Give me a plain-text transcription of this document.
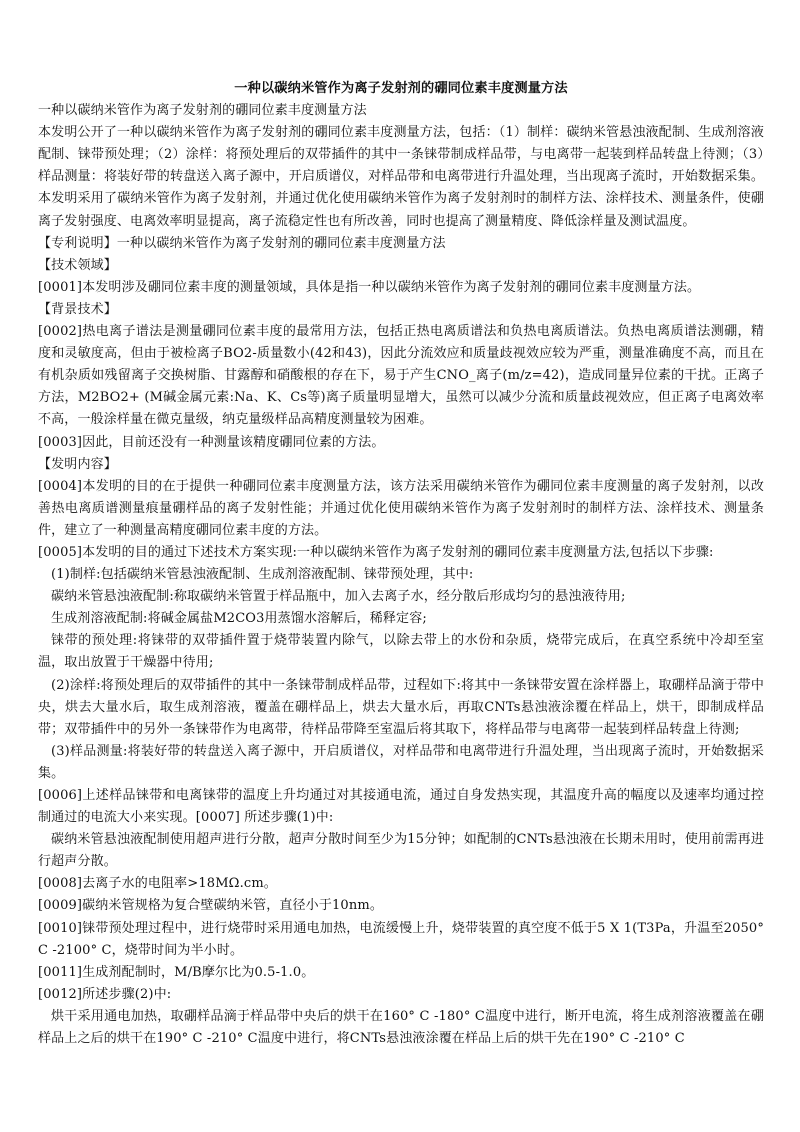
一种以碳纳米管作为离子发射剂的硼同位素丰度测量方法
一种以碳纳米管作为离子发射剂的硼同位素丰度测量方法
本发明公开了一种以碳纳米管作为离子发射剂的硼同位素丰度测量方法，包括：（1）制样：碳纳米管悬浊液配制、生成剂溶液配制、铼带预处理；（2）涂样：将预处理后的双带插件的其中一条铼带制成样品带，与电离带一起装到样品转盘上待测；（3）样品测量：将装好带的转盘送入离子源中，开启质谱仪，对样品带和电离带进行升温处理，当出现离子流时，开始数据采集。本发明采用了碳纳米管作为离子发射剂，并通过优化使用碳纳米管作为离子发射剂时的制样方法、涂样技术、测量条件，使硼离子发射强度、电离效率明显提高，离子流稳定性也有所改善，同时也提高了测量精度、降低涂样量及测试温度。
【专利说明】一种以碳纳米管作为离子发射剂的硼同位素丰度测量方法
【技术领域】
[0001]本发明涉及硼同位素丰度的测量领域，具体是指一种以碳纳米管作为离子发射剂的硼同位素丰度测量方法。
【背景技术】
[0002]热电离子谱法是测量硼同位素丰度的最常用方法，包括正热电离质谱法和负热电离质谱法。负热电离质谱法测硼，精度和灵敏度高，但由于被检离子BO2-质量数小(42和43)，因此分流效应和质量歧视效应较为严重，测量准确度不高，而且在有机杂质如残留离子交换树脂、甘露醇和硝酸根的存在下，易于产生CNO_离子(m/z=42)，造成同量异位素的干扰。正离子方法，M2BO2+ (M碱金属元素:Na、K、Cs等)离子质量明显增大，虽然可以减少分流和质量歧视效应，但正离子电离效率不高，一般涂样量在微克量级，纳克量级样品高精度测量较为困难。
[0003]因此，目前还没有一种测量该精度硼同位素的方法。
【发明内容】
[0004]本发明的目的在于提供一种硼同位素丰度测量方法，该方法采用碳纳米管作为硼同位素丰度测量的离子发射剂，以改善热电离质谱测量痕量硼样品的离子发射性能；并通过优化使用碳纳米管作为离子发射剂时的制样方法、涂样技术、测量条件，建立了一种测量高精度硼同位素丰度的方法。
[0005]本发明的目的通过下述技术方案实现:一种以碳纳米管作为离子发射剂的硼同位素丰度测量方法,包括以下步骤:
(1)制样:包括碳纳米管悬浊液配制、生成剂溶液配制、铼带预处理，其中:
碳纳米管悬浊液配制:称取碳纳米管置于样品瓶中，加入去离子水，经分散后形成均匀的悬浊液待用;
生成剂溶液配制:将碱金属盐M2CO3用蒸馏水溶解后，稀释定容;
铼带的预处理:将铼带的双带插件置于烧带装置内除气，以除去带上的水份和杂质，烧带完成后，在真空系统中冷却至室温，取出放置于干燥器中待用;
(2)涂样:将预处理后的双带插件的其中一条铼带制成样品带，过程如下:将其中一条铼带安置在涂样器上，取硼样品滴于带中央，烘去大量水后，取生成剂溶液，覆盖在硼样品上，烘去大量水后，再取CNTs悬浊液涂覆在样品上，烘干，即制成样品带；双带插件中的另外一条铼带作为电离带，待样品带降至室温后将其取下，将样品带与电离带一起装到样品转盘上待测;
(3)样品测量:将装好带的转盘送入离子源中，开启质谱仪，对样品带和电离带进行升温处理，当出现离子流时，开始数据采集。
[0006]上述样品铼带和电离铼带的温度上升均通过对其接通电流，通过自身发热实现，其温度升高的幅度以及速率均通过控制通过的电流大小来实现。[0007] 所述步骤(1)中:
碳纳米管悬浊液配制使用超声进行分散，超声分散时间至少为15分钟；如配制的CNTs悬浊液在长期未用时，使用前需再进行超声分散。
[0008]去离子水的电阻率>18MΩ.cm。
[0009]碳纳米管规格为复合壁碳纳米管，直径小于10nm。
[0010]铼带预处理过程中，进行烧带时采用通电加热，电流缓慢上升，烧带装置的真空度不低于5 X 1(T3Pa，升温至2050° C -2100° C，烧带时间为半小时。
[0011]生成剂配制时，M/B摩尔比为0.5-1.0。
[0012]所述步骤(2)中:
烘干采用通电加热，取硼样品滴于样品带中央后的烘干在160° C -180° C温度中进行，断开电流，将生成剂溶液覆盖在硼样品上之后的烘干在190° C -210° C温度中进行，将CNTs悬浊液涂覆在样品上后的烘干先在190° C -210° C
